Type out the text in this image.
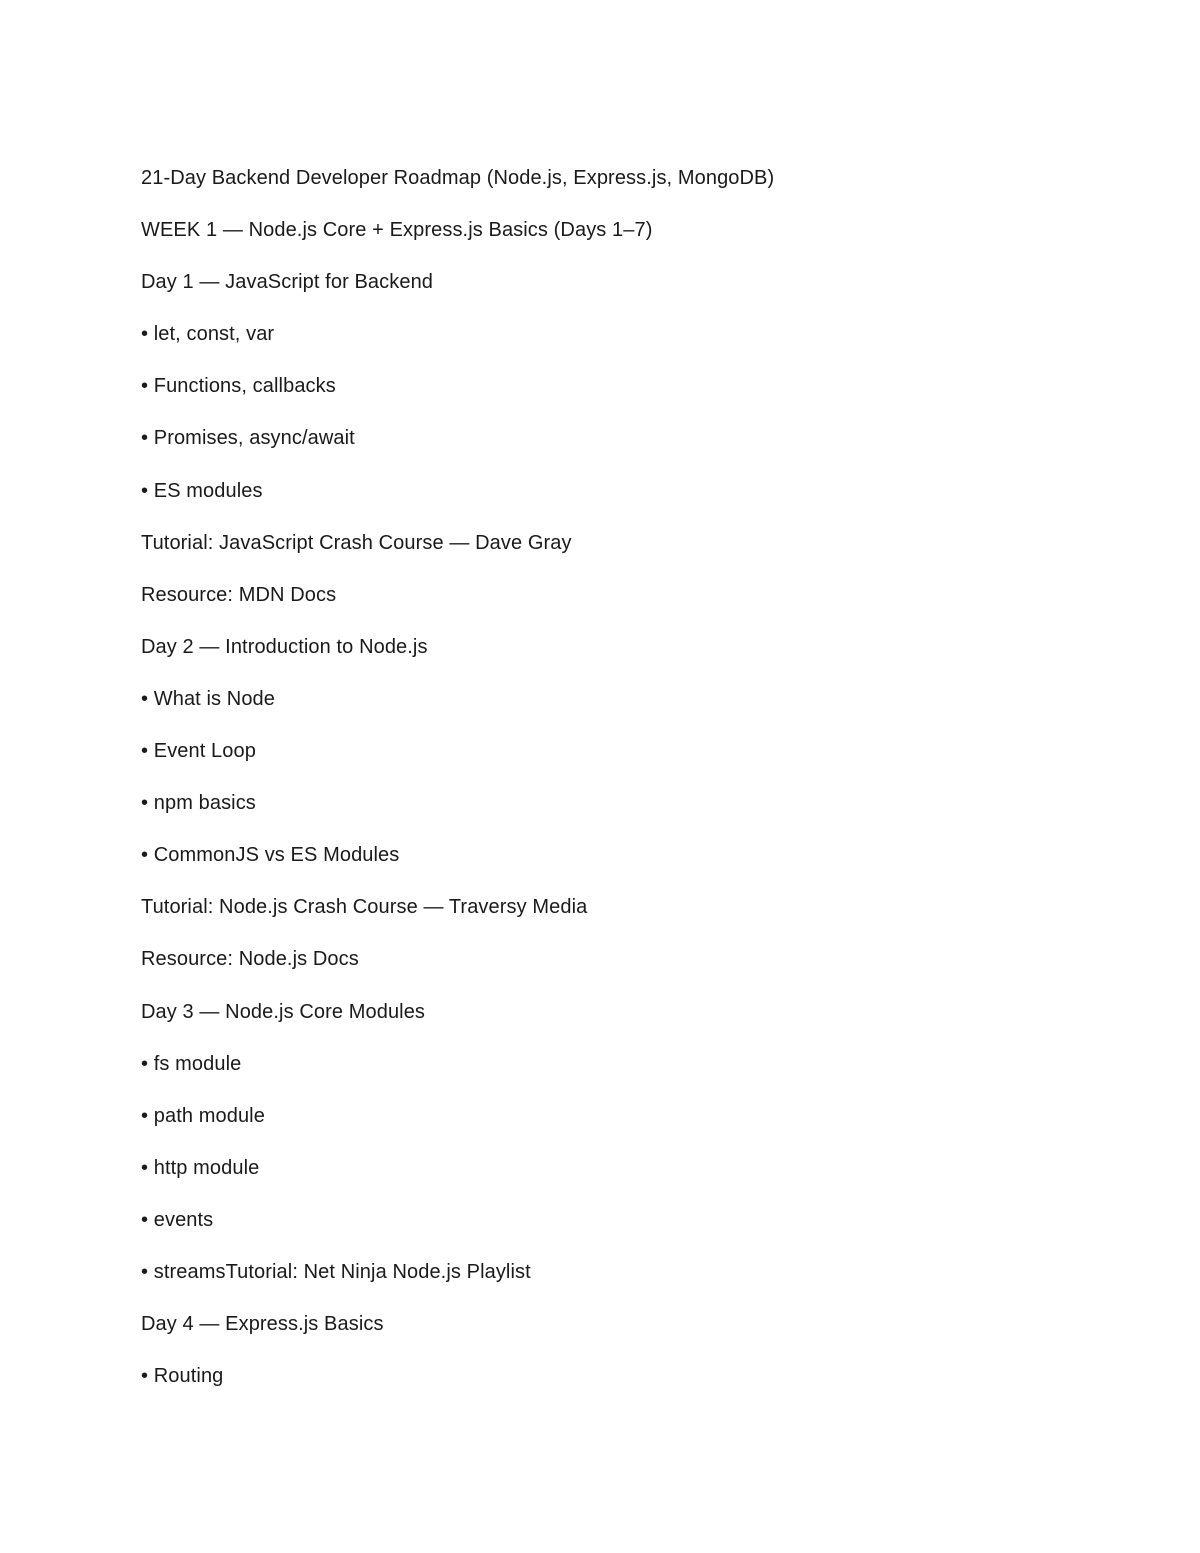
21-Day Backend Developer Roadmap (Node.js, Express.js, MongoDB)
WEEK 1 — Node.js Core + Express.js Basics (Days 1–7)
Day 1 — JavaScript for Backend
• let, const, var
• Functions, callbacks
• Promises, async/await
• ES modules
Tutorial: JavaScript Crash Course — Dave Gray
Resource: MDN Docs
Day 2 — Introduction to Node.js
• What is Node
• Event Loop
• npm basics
• CommonJS vs ES Modules
Tutorial: Node.js Crash Course — Traversy Media
Resource: Node.js Docs
Day 3 — Node.js Core Modules
• fs module
• path module
• http module
• events
• streamsTutorial: Net Ninja Node.js Playlist
Day 4 — Express.js Basics
• Routing
